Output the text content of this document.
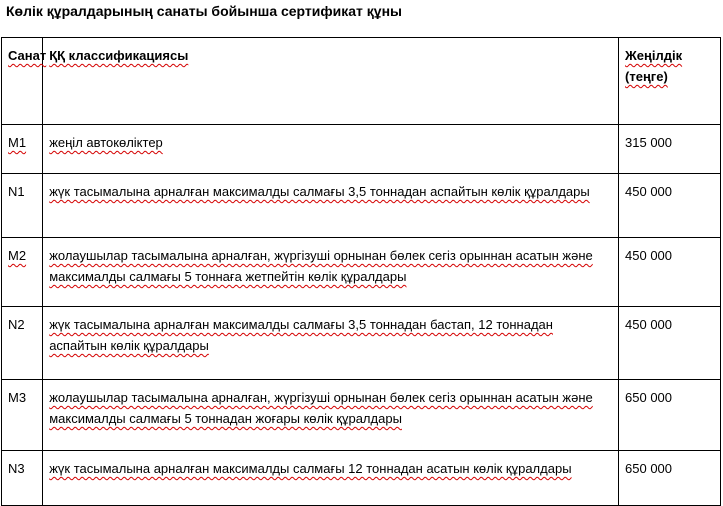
Көлік құралдарының санаты бойынша сертификат құны
Санат	ҚҚ классификациясы	Жеңілдік
(теңге)
М1	жеңіл автокөліктер	315 000
N1	жүк тасымалына арналған максималды салмағы 3,5 тоннадан аспайтын көлік құралдары	450 000
М2	жолаушылар тасымалына арналған, жүргізуші орнынан бөлек сегіз орыннан асатын және максималды салмағы 5 тоннаға жетпейтін көлік құралдары	450 000
N2	жүк тасымалына арналған максималды салмағы 3,5 тоннадан бастап, 12 тоннадан аспайтын көлік құралдары	450 000
М3	жолаушылар тасымалына арналған, жүргізуші орнынан бөлек сегіз орыннан асатын және максималды салмағы 5 тоннадан жоғары көлік құралдары	650 000
N3	жүк тасымалына арналған максималды салмағы 12 тоннадан асатын көлік құралдары	650 000
